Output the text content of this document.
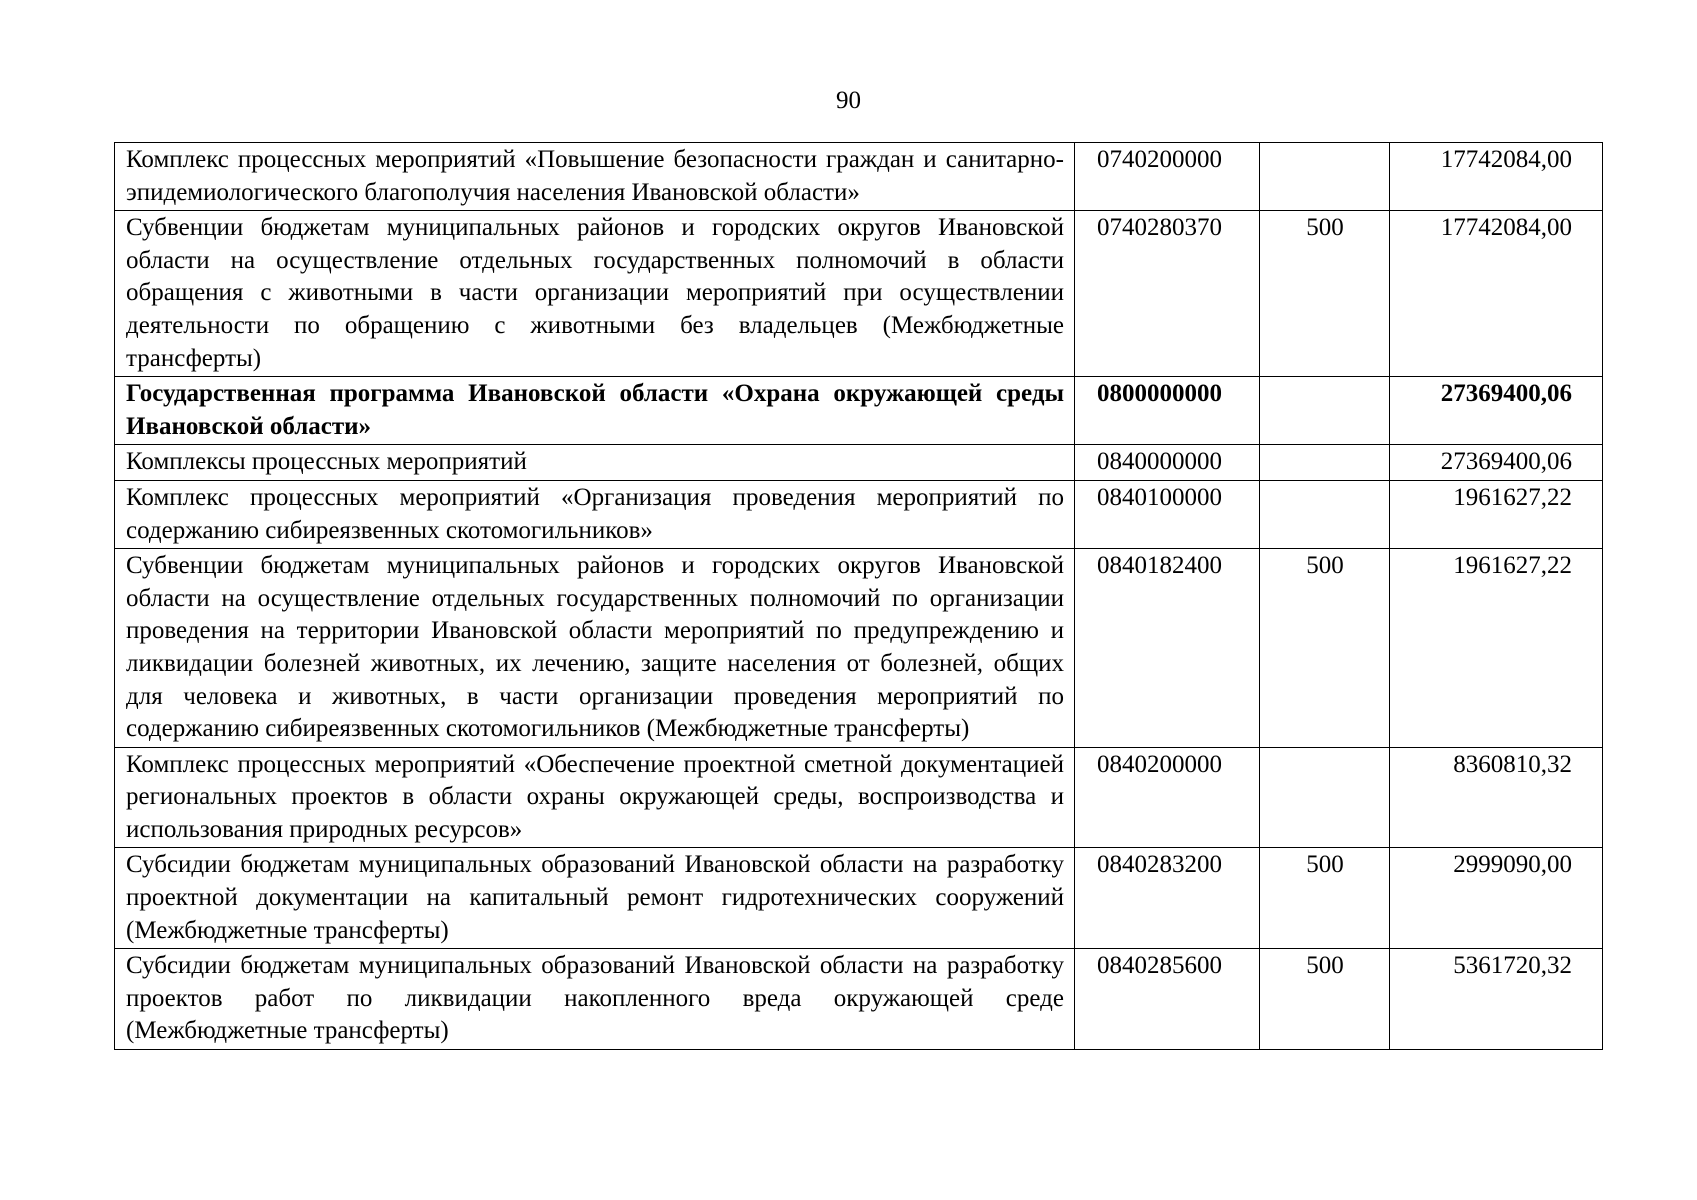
90
Комплекс процессных мероприятий «Повышение безопасности граждан и санитарно-эпидемиологического благополучия населения Ивановской области»	0740200000		17742084,00
Субвенции бюджетам муниципальных районов и городских округов Ивановской области на осуществление отдельных государственных полномочий в области обращения с животными в части организации мероприятий при осуществлении деятельности по обращению с животными без владельцев (Межбюджетные трансферты)	0740280370	500	17742084,00
Государственная программа Ивановской области «Охрана окружающей среды Ивановской области»	0800000000		27369400,06
Комплексы процессных мероприятий	0840000000		27369400,06
Комплекс процессных мероприятий «Организация проведения мероприятий по содержанию сибиреязвенных скотомогильников»	0840100000		1961627,22
Субвенции бюджетам муниципальных районов и городских округов Ивановской области на осуществление отдельных государственных полномочий по организации проведения на территории Ивановской области мероприятий по предупреждению и ликвидации болезней животных, их лечению, защите населения от болезней, общих для человека и животных, в части организации проведения мероприятий по содержанию сибиреязвенных скотомогильников (Межбюджетные трансферты)	0840182400	500	1961627,22
Комплекс процессных мероприятий «Обеспечение проектной сметной документацией региональных проектов в области охраны окружающей среды, воспроизводства и использования природных ресурсов»	0840200000		8360810,32
Субсидии бюджетам муниципальных образований Ивановской области на разработку проектной документации на капитальный ремонт гидротехнических сооружений (Межбюджетные трансферты)	0840283200	500	2999090,00
Субсидии бюджетам муниципальных образований Ивановской области на разработку проектов работ по ликвидации накопленного вреда окружающей среде (Межбюджетные трансферты)	0840285600	500	5361720,32
